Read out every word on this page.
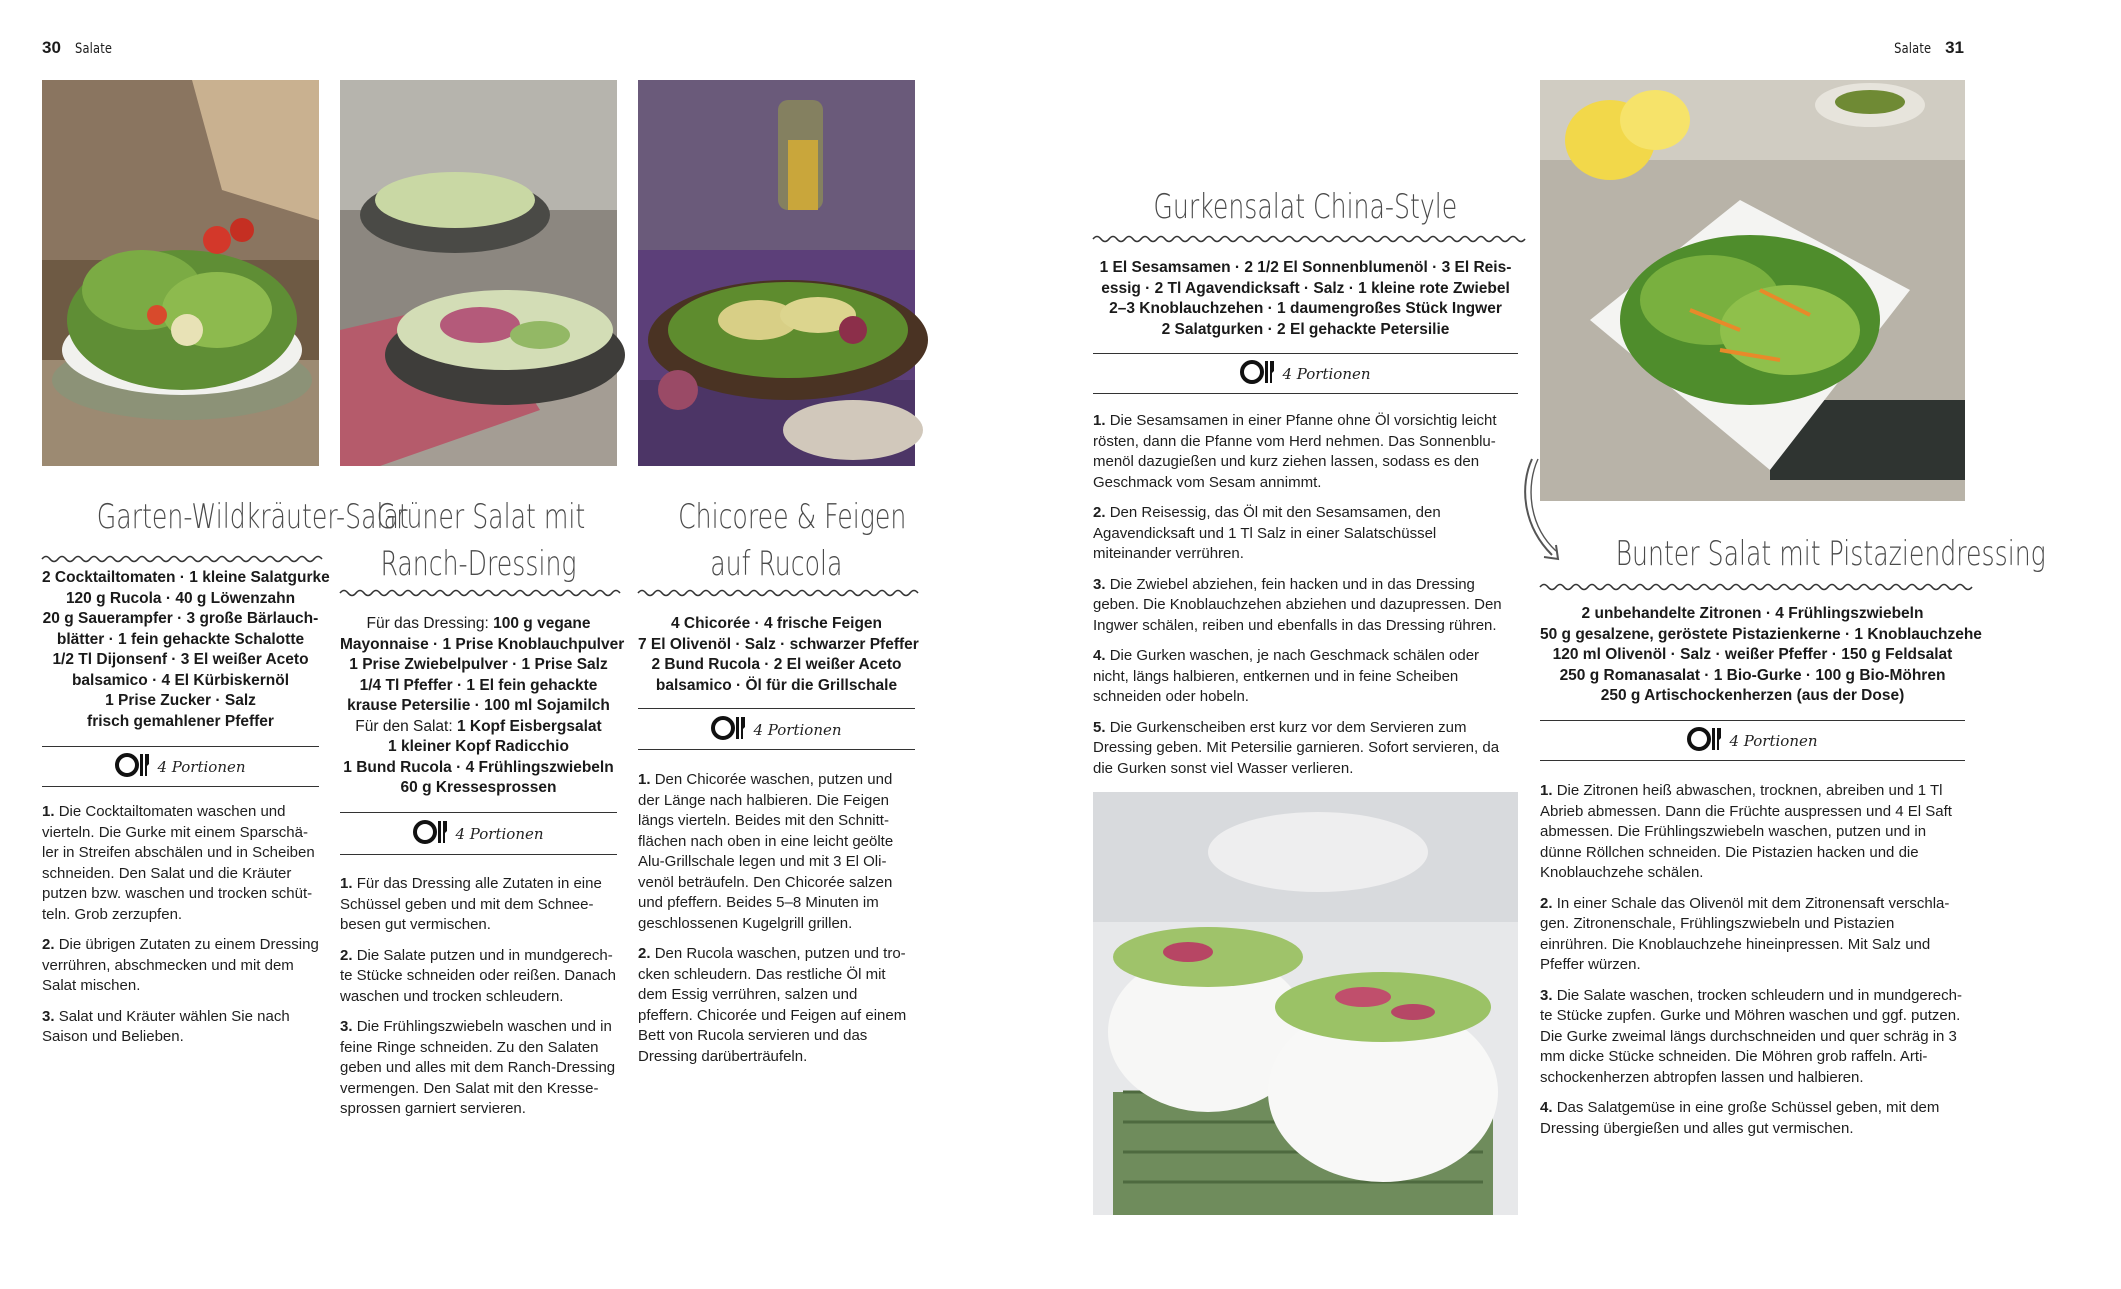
30 Salate	Salate 31
Garten-Wildkräuter-Salat
2 Cocktailtomaten · 1 kleine Salatgurke
120 g Rucola · 40 g Löwenzahn
20 g Sauerampfer · 3 große Bärlauch-
blätter · 1 fein gehackte Schalotte
1/2 Tl Dijonsenf · 3 El weißer Aceto
balsamico · 4 El Kürbiskernöl
1 Prise Zucker · Salz
frisch gemahlener Pfeffer
4 Portionen

1. Die Cocktailtomaten waschen und vierteln. Die Gurke mit einem Sparschäler in Streifen abschälen und in Scheiben schneiden. Den Salat und die Kräuter putzen bzw. waschen und trocken schütteln. Grob zerzupfen.

2. Die übrigen Zutaten zu einem Dressing verrühren, abschmecken und mit dem Salat mischen.

3. Salat und Kräuter wählen Sie nach Saison und Belieben.

Grüner Salat mit
Ranch-Dressing
Für das Dressing: 100 g vegane
Mayonnaise · 1 Prise Knoblauchpulver
1 Prise Zwiebelpulver · 1 Prise Salz
1/4 Tl Pfeffer · 1 El fein gehackte
krause Petersilie · 100 ml Sojamilch
Für den Salat: 1 Kopf Eisbergsalat
1 kleiner Kopf Radicchio
1 Bund Rucola · 4 Frühlingszwiebeln
60 g Kressesprossen
4 Portionen

1. Für das Dressing alle Zutaten in eine Schüssel geben und mit dem Schneebesen gut vermischen.

2. Die Salate putzen und in mundgerechte Stücke schneiden oder reißen. Danach waschen und trocken schleudern.

3. Die Frühlingszwiebeln waschen und in feine Ringe schneiden. Zu den Salaten geben und alles mit dem Ranch-Dressing vermengen. Den Salat mit den Kressesprossen garniert servieren.

Chicoree & Feigen
auf Rucola
4 Chicorée · 4 frische Feigen
7 El Olivenöl · Salz · schwarzer Pfeffer
2 Bund Rucola · 2 El weißer Aceto
balsamico · Öl für die Grillschale
4 Portionen

1. Den Chicorée waschen, putzen und der Länge nach halbieren. Die Feigen längs vierteln. Beides mit den Schnittflächen nach oben in eine leicht geölte Alu-Grillschale legen und mit 3 El Olivenöl beträufeln. Den Chicorée salzen und pfeffern. Beides 5–8 Minuten im geschlossenen Kugelgrill grillen.

2. Den Rucola waschen, putzen und trocken schleudern. Das restliche Öl mit dem Essig verrühren, salzen und pfeffern. Chicorée und Feigen auf einem Bett von Rucola servieren und das Dressing darüberträufeln.

Gurkensalat China-Style
1 El Sesamsamen · 2 1/2 El Sonnenblumenöl · 3 El Reis-
essig · 2 Tl Agavendicksaft · Salz · 1 kleine rote Zwiebel
2–3 Knoblauchzehen · 1 daumengroßes Stück Ingwer
2 Salatgurken · 2 El gehackte Petersilie
4 Portionen

1. Die Sesamsamen in einer Pfanne ohne Öl vorsichtig leicht rösten, dann die Pfanne vom Herd nehmen. Das Sonnenblumenöl dazugießen und kurz ziehen lassen, sodass es den Geschmack vom Sesam annimmt.

2. Den Reisessig, das Öl mit den Sesamsamen, den Agavendicksaft und 1 Tl Salz in einer Salatschüssel miteinander verrühren.

3. Die Zwiebel abziehen, fein hacken und in das Dressing geben. Die Knoblauchzehen abziehen und dazupressen. Den Ingwer schälen, reiben und ebenfalls in das Dressing rühren.

4. Die Gurken waschen, je nach Geschmack schälen oder nicht, längs halbieren, entkernen und in feine Scheiben schneiden oder hobeln.

5. Die Gurkenscheiben erst kurz vor dem Servieren zum Dressing geben. Mit Petersilie garnieren. Sofort servieren, da die Gurken sonst viel Wasser verlieren.

Bunter Salat mit Pistaziendressing
2 unbehandelte Zitronen · 4 Frühlingszwiebeln
50 g gesalzene, geröstete Pistazienkerne · 1 Knoblauchzehe
120 ml Olivenöl · Salz · weißer Pfeffer · 150 g Feldsalat
250 g Romanasalat · 1 Bio-Gurke · 100 g Bio-Möhren
250 g Artischockenherzen (aus der Dose)
4 Portionen

1. Die Zitronen heiß abwaschen, trocknen, abreiben und 1 Tl Abrieb abmessen. Dann die Früchte auspressen und 4 El Saft abmessen. Die Frühlingszwiebeln waschen, putzen und in dünne Röllchen schneiden. Die Pistazien hacken und die Knoblauchzehe schälen.

2. In einer Schale das Olivenöl mit dem Zitronensaft verschlagen. Zitronenschale, Frühlingszwiebeln und Pistazien einrühren. Die Knoblauchzehe hineinpressen. Mit Salz und Pfeffer würzen.

3. Die Salate waschen, trocken schleudern und in mundgerechte Stücke zupfen. Gurke und Möhren waschen und ggf. putzen. Die Gurke zweimal längs durchschneiden und quer schräg in 3 mm dicke Stücke schneiden. Die Möhren grob raffeln. Artischockenherzen abtropfen lassen und halbieren.

4. Das Salatgemüse in eine große Schüssel geben, mit dem Dressing übergießen und alles gut vermischen.
